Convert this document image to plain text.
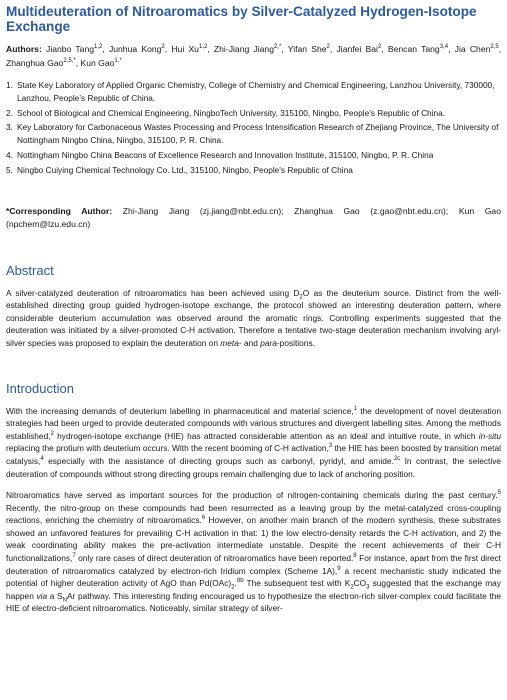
Multideuteration of Nitroaromatics by Silver-Catalyzed Hydrogen-Isotope Exchange
Authors: Jianbo Tang$^{1,2}$, Junhua Kong$^2$, Hui Xu$^{1,2}$, Zhi-Jiang Jiang$^{2,*}$, Yifan She$^2$, Jianfei Bai$^2$, Bencan Tang$^{3,4}$, Jia Chen$^{2,5}$, Zhanghua Gao$^{2,5,*}$, Kun Gao$^{1,*}$
1. State Key Laboratory of Applied Organic Chemistry, College of Chemistry and Chemical Engineering, Lanzhou University, 730000, Lanzhou, People’s Republic of China.
2. School of Biological and Chemical Engineering, NingboTech University, 315100, Ningbo, People's Republic of China.
3. Key Laboratory for Carbonaceous Wastes Processing and Process Intensification Research of Zhejiang Province, The University of Nottingham Ningbo China, Ningbo, 315100, P. R. China.
4. Nottingham Ningbo China Beacons of Excellence Research and Innovation Institute, 315100, Ningbo, P. R. China
5. Ningbo Cuiying Chemical Technology Co. Ltd., 315100, Ningbo, People's Republic of China
*Corresponding Author: Zhi-Jiang Jiang (zj.jiang@nbt.edu.cn); Zhanghua Gao (z.gao@nbt.edu.cn); Kun Gao (npchem@lzu.edu.cn)
Abstract

A silver-catalyzed deuteration of nitroaromatics has been achieved using $D_2O$ as the deuterium source. Distinct from the well-established directing group guided hydrogen-isotope exchange, the protocol showed an interesting deuteration pattern, where considerable deuterium accumulation was observed around the aromatic rings. Controlling experiments suggested that the deuteration was initiated by a silver-promoted C-H activation. Therefore a tentative two-stage deuteration mechanism involving aryl-silver species was proposed to explain the deuteration on meta- and para-positions.

Introduction

With the increasing demands of deuterium labelling in pharmaceutical and material science,$^1$ the development of novel deuteration strategies had been urged to provide deuterated compounds with various structures and divergent labelling sites. Among the methods established,$^2$ hydrogen-isotope exchange (HIE) has attracted considerable attention as an ideal and intuitive route, in which in-situ replacing the protium with deuterium occurs. With the recent booming of C-H activation,$^3$ the HIE has been boosted by transition metal catalysis,$^4$ especially with the assistance of directing groups such as carbonyl, pyridyl, and amide.$^{2c}$ In contrast, the selective deuteration of compounds without strong directing groups remain challenging due to lack of anchoring position.

Nitroaromatics have served as important sources for the production of nitrogen-containing chemicals during the past century.$^5$ Recently, the nitro-group on these compounds had been resurrected as a leaving group by the metal-catalyzed cross-coupling reactions, enriching the chemistry of nitroaromatics.$^6$ However, on another main branch of the modern synthesis, these substrates showed an unfavored features for prevailing C-H activation in that: 1) the low electro-density retards the C-H activation, and 2) the weak coordinating ability makes the pre-activation intermediate unstable. Despite the recent achievements of their C-H functionalizations,$^7$ only rare cases of direct deuteration of nitroaromatics have been reported.$^8$ For instance, apart from the first direct deuteration of nitroaromatics catalyzed by electron-rich Iridium complex (Scheme 1A),$^9$ a recent mechanistic study indicated the potential of higher deuteration activity of AgO than $Pd(OAc)_2.^{8b}$ The subsequent test with $K_2CO_3$ suggested that the exchange may happen via a $S_NAr$ pathway. This interesting finding encouraged us to hypothesize the electron-rich silver-complex could facilitate the HIE of electro-deficient nitroaromatics. Noticeably, similar strategy of silver-
